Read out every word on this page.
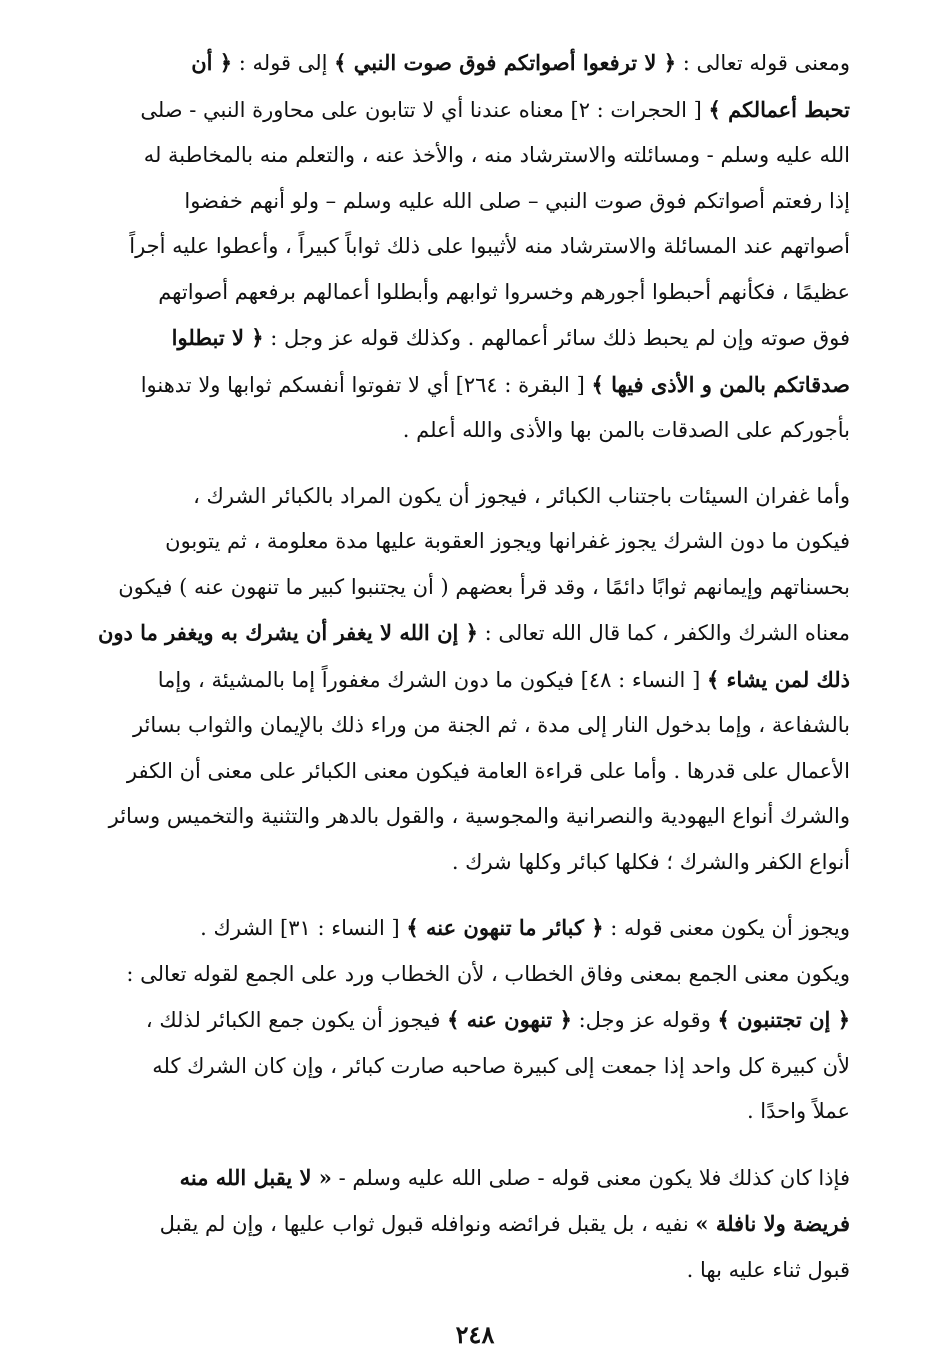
ومعنى قوله تعالى : ﴿ لا ترفعوا أصواتكم فوق صوت النبي ﴾ إلى قوله : ﴿ أن
تحبط أعمالكم ﴾ [ الحجرات : ٢] معناه عندنا أي لا تتابون على محاورة النبي - صلى
الله عليه وسلم - ومسائلته والاسترشاد منه ، والأخذ عنه ، والتعلم منه بالمخاطبة له
إذا رفعتم أصواتكم فوق صوت النبي – صلى الله عليه وسلم – ولو أنهم خفضوا
أصواتهم عند المسائلة والاسترشاد منه لأثيبوا على ذلك ثواباً كبيراً ، وأعطوا عليه أجراً
عظيمًا ، فكأنهم أحبطوا أجورهم وخسروا ثوابهم وأبطلوا أعمالهم برفعهم أصواتهم
فوق صوته وإن لم يحبط ذلك سائر أعمالهم . وكذلك قوله عز وجل : ﴿ لا تبطلوا
صدقاتكم بالمن و الأذى فيها ﴾ [ البقرة : ٢٦٤] أي لا تفوتوا أنفسكم ثوابها ولا تدهنوا
بأجوركم على الصدقات بالمن بها والأذى والله أعلم .

وأما غفران السيئات باجتناب الكبائر ، فيجوز أن يكون المراد بالكبائر الشرك ،
فيكون ما دون الشرك يجوز غفرانها ويجوز العقوبة عليها مدة معلومة ، ثم يتوبون
بحسناتهم وإيمانهم ثوابًا دائمًا ، وقد قرأ بعضهم ( أن يجتنبوا كبير ما تنهون عنه ) فيكون
معناه الشرك والكفر ، كما قال الله تعالى : ﴿ إن الله لا يغفر أن يشرك به ويغفر ما دون
ذلك لمن يشاء ﴾ [ النساء : ٤٨] فيكون ما دون الشرك مغفوراً إما بالمشيئة ، وإما
بالشفاعة ، وإما بدخول النار إلى مدة ، ثم الجنة من وراء ذلك بالإيمان والثواب بسائر
الأعمال على قدرها . وأما على قراءة العامة فيكون معنى الكبائر على معنى أن الكفر
والشرك أنواع اليهودية والنصرانية والمجوسية ، والقول بالدهر والتثنية والتخميس وسائر
أنواع الكفر والشرك ؛ فكلها كبائر وكلها شرك .

ويجوز أن يكون معنى قوله : ﴿ كبائر ما تنهون عنه ﴾ [ النساء : ٣١] الشرك .
ويكون معنى الجمع بمعنى وفاق الخطاب ، لأن الخطاب ورد على الجمع لقوله تعالى :
﴿ إن تجتنبون ﴾ وقوله عز وجل: ﴿ تنهون عنه ﴾ فيجوز أن يكون جمع الكبائر لذلك ،
لأن كبيرة كل واحد إذا جمعت إلى كبيرة صاحبه صارت كبائر ، وإن كان الشرك كله
عملاً واحدًا .

فإذا كان كذلك فلا يكون معنى قوله - صلى الله عليه وسلم - « لا يقبل الله منه
فريضة ولا نافلة » نفيه ، بل يقبل فرائضه ونوافله قبول ثواب عليها ، وإن لم يقبل
قبول ثناء عليه بها .

٢٤٨
